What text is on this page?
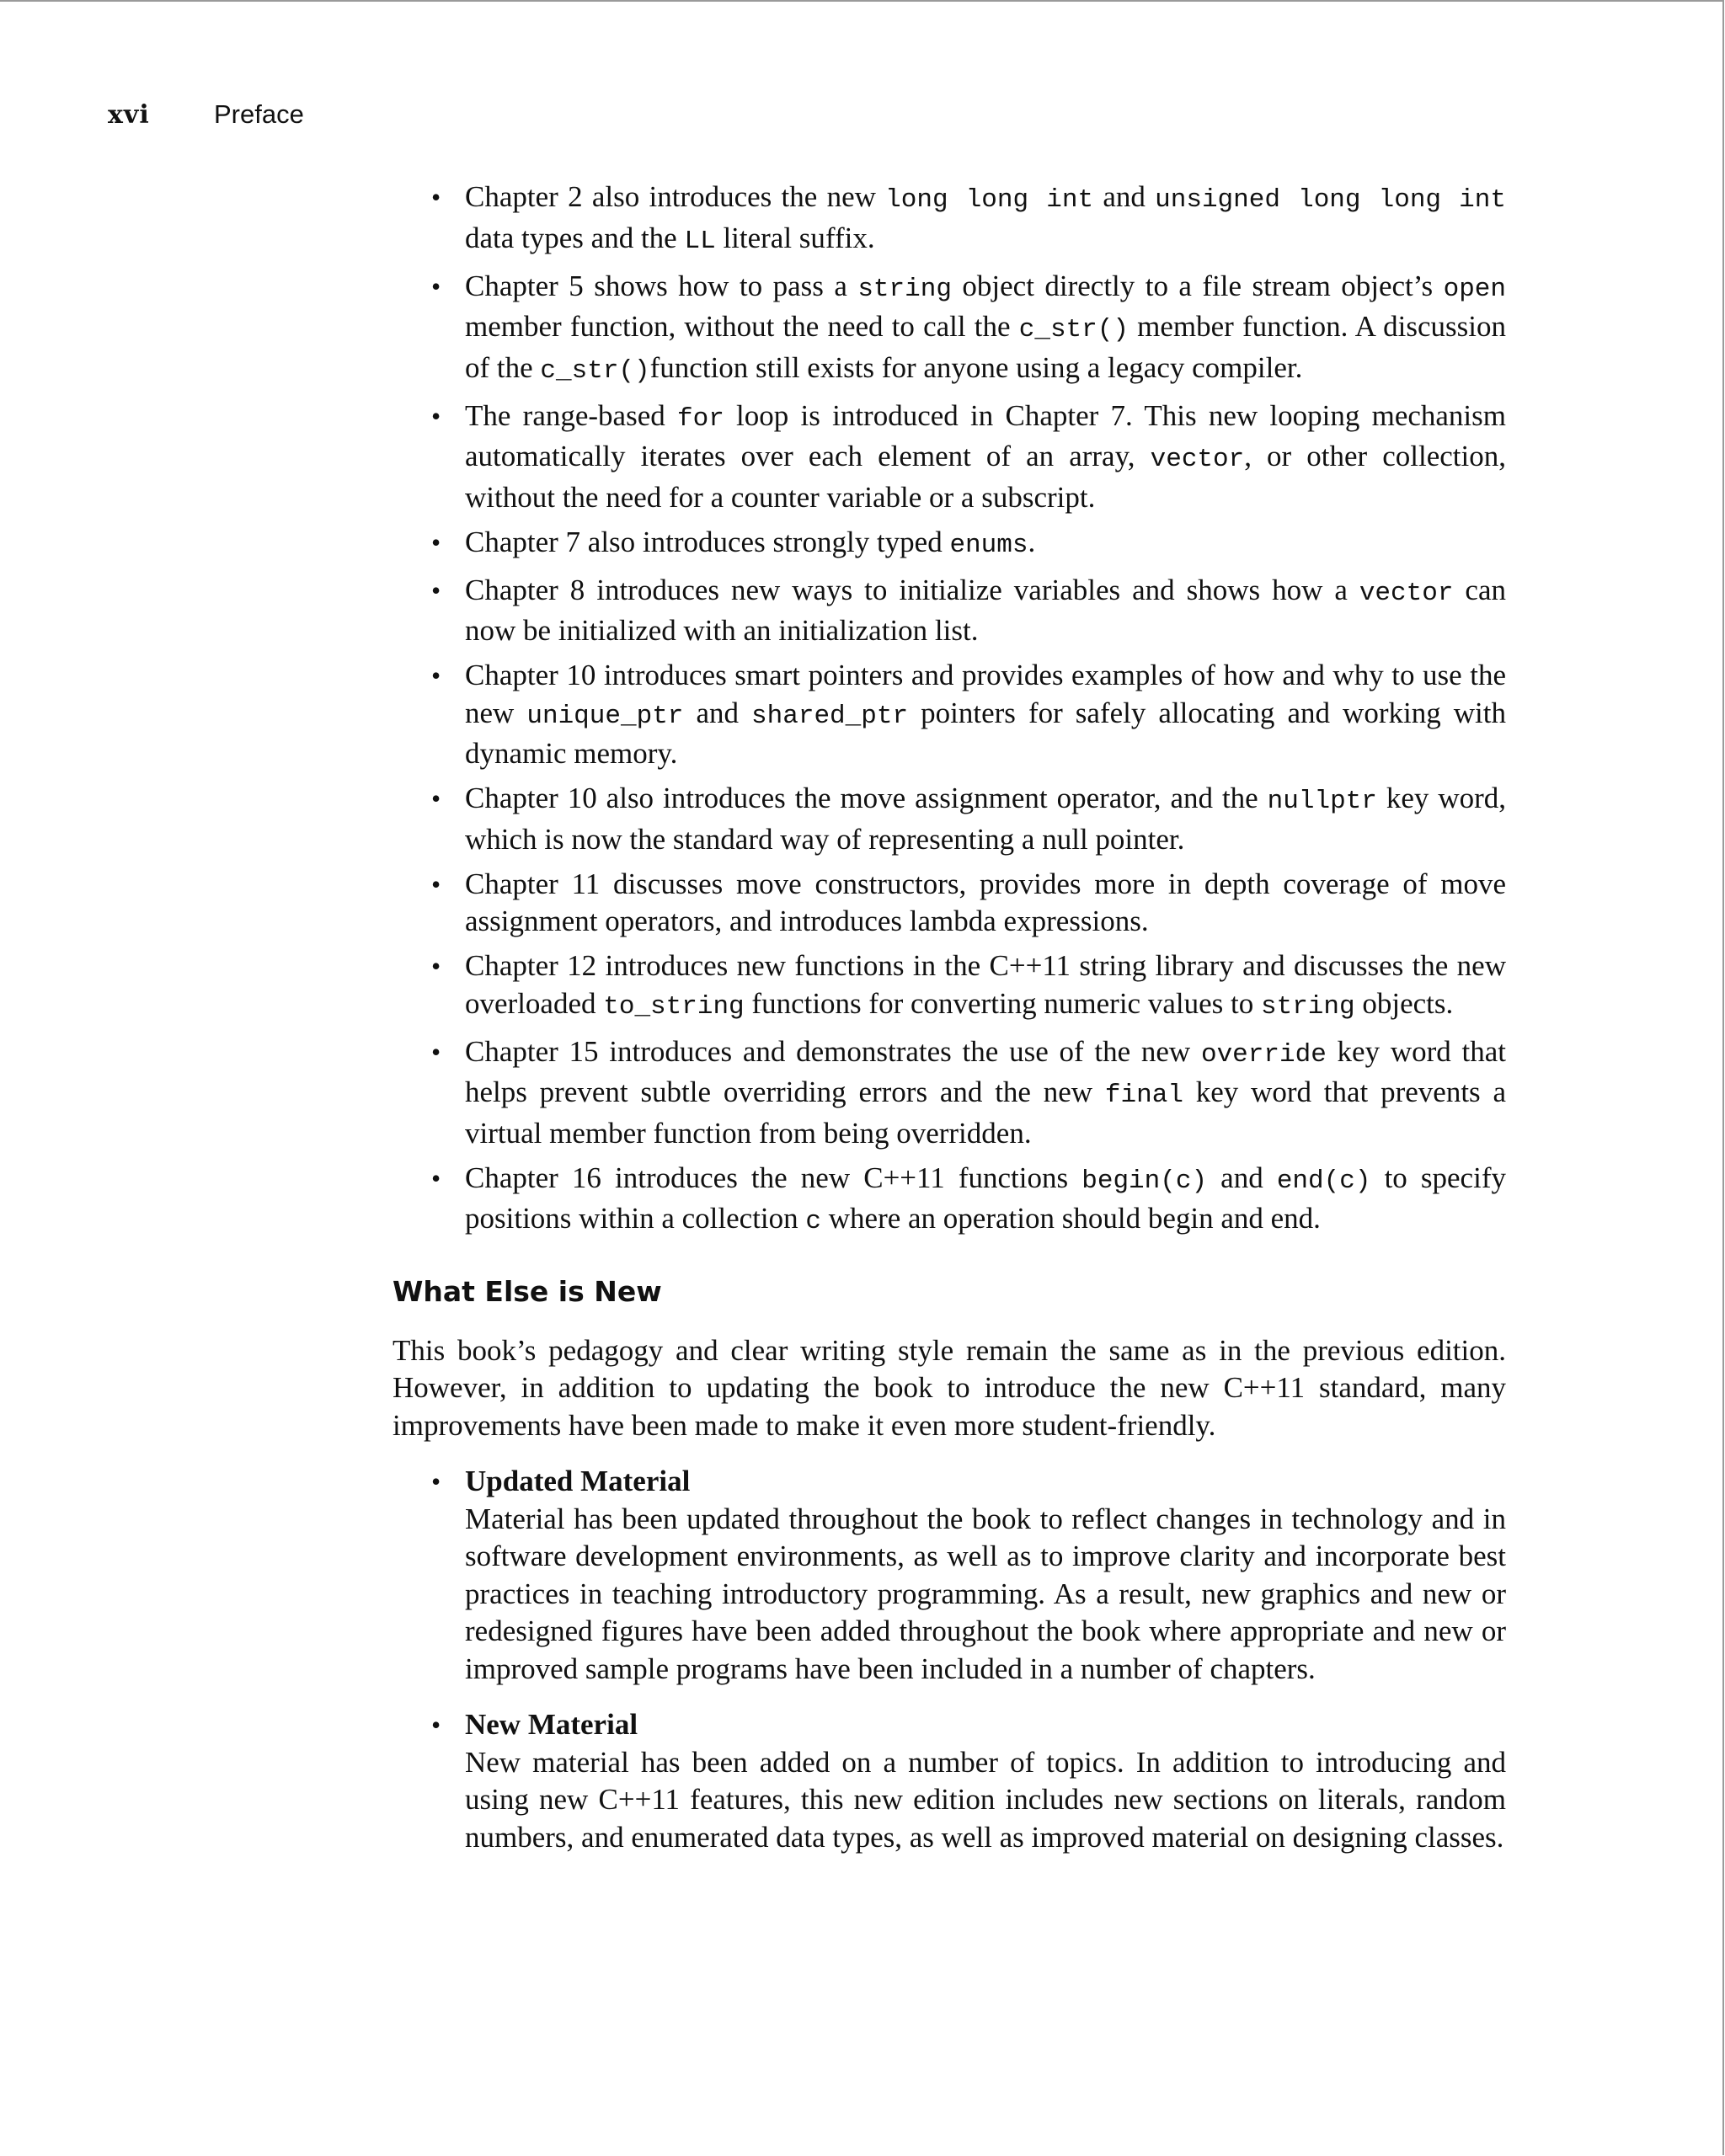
xvi	Preface
• Chapter 2 also introduces the new long long int and unsigned long long int data types and the LL literal suffix.
• Chapter 5 shows how to pass a string object directly to a file stream object’s open member function, without the need to call the c_str() member function. A discussion of the c_str()function still exists for anyone using a legacy compiler.
• The range-based for loop is introduced in Chapter 7. This new looping mechanism automatically iterates over each element of an array, vector, or other collection, without the need for a counter variable or a subscript.
• Chapter 7 also introduces strongly typed enums.
• Chapter 8 introduces new ways to initialize variables and shows how a vector can now be initialized with an initialization list.
• Chapter 10 introduces smart pointers and provides examples of how and why to use the new unique_ptr and shared_ptr pointers for safely allocating and working with dynamic memory.
• Chapter 10 also introduces the move assignment operator, and the nullptr key word, which is now the standard way of representing a null pointer.
• Chapter 11 discusses move constructors, provides more in depth coverage of move assignment operators, and introduces lambda expressions.
• Chapter 12 introduces new functions in the C++11 string library and discusses the new overloaded to_string functions for converting numeric values to string objects.
• Chapter 15 introduces and demonstrates the use of the new override key word that helps prevent subtle overriding errors and the new final key word that prevents a virtual member function from being overridden.
• Chapter 16 introduces the new C++11 functions begin(c) and end(c) to specify positions within a collection c where an operation should begin and end.
What Else is New

This book’s pedagogy and clear writing style remain the same as in the previous edition. However, in addition to updating the book to introduce the new C++11 standard, many improvements have been made to make it even more student-friendly.

• Updated Material
Material has been updated throughout the book to reflect changes in technology and in software development environments, as well as to improve clarity and incorporate best practices in teaching introductory programming. As a result, new graphics and new or redesigned figures have been added throughout the book where appropriate and new or improved sample programs have been included in a number of chapters.
• New Material
New material has been added on a number of topics. In addition to introducing and using new C++11 features, this new edition includes new sections on literals, random numbers, and enumerated data types, as well as improved material on designing classes.
